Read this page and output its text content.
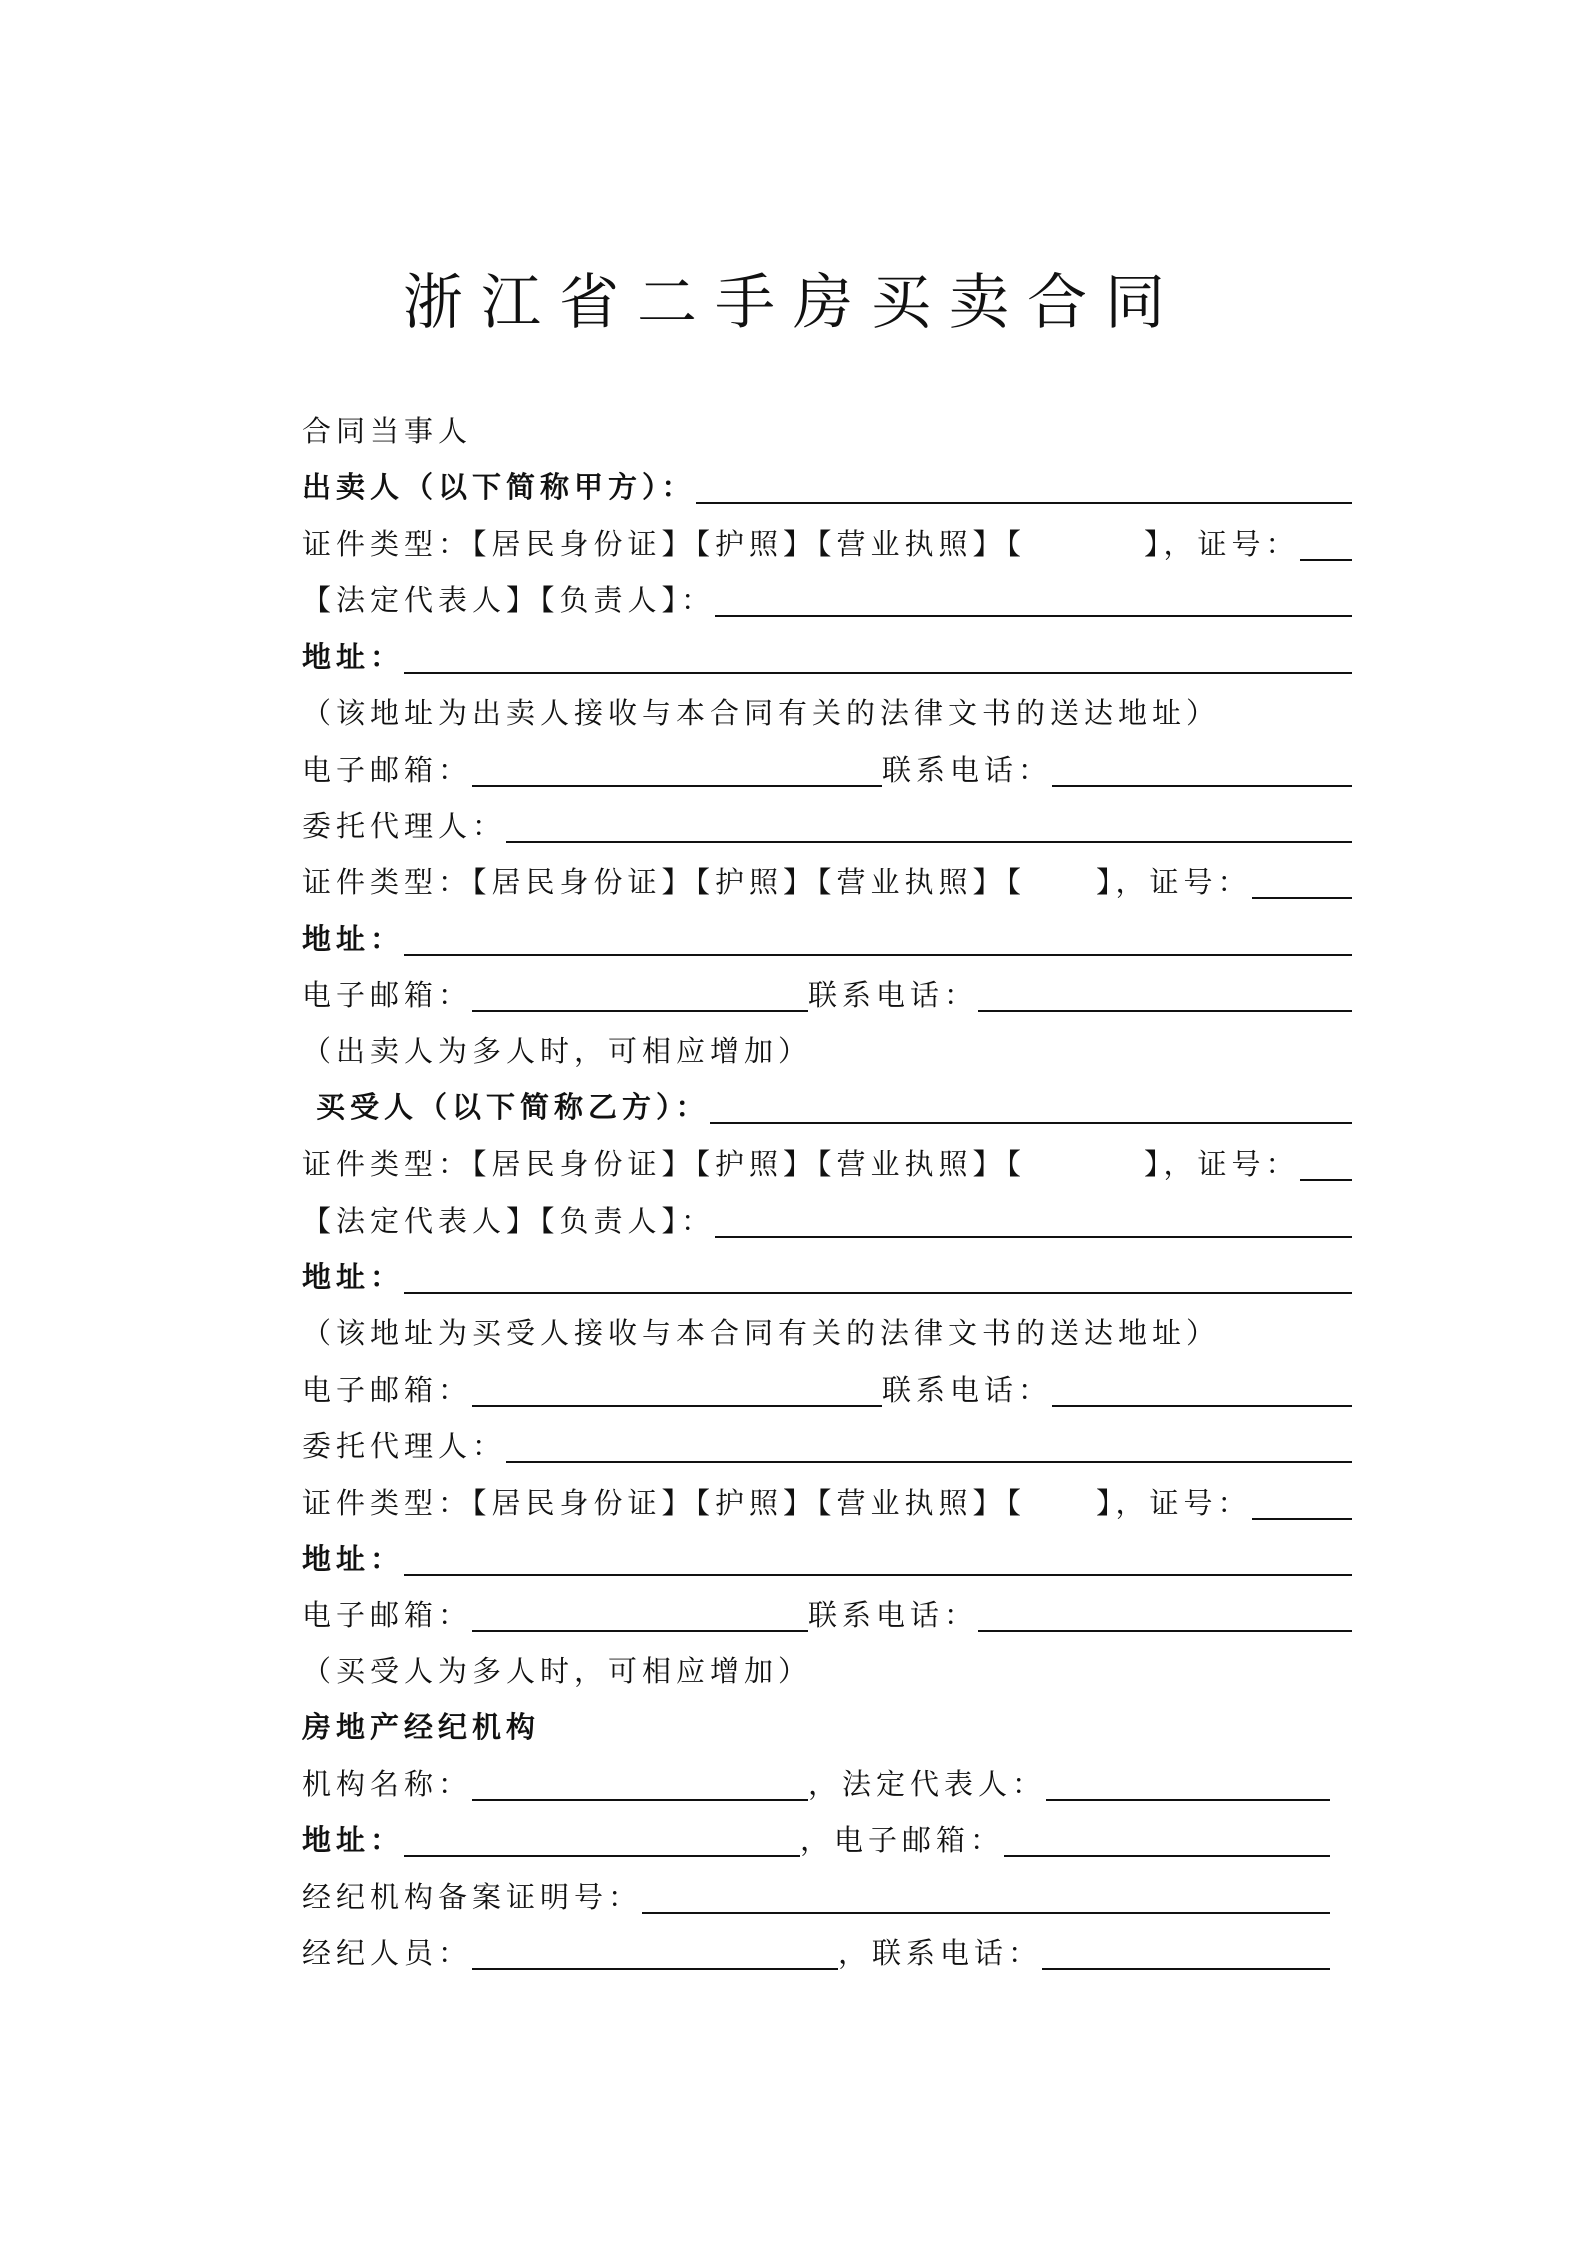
浙江省二手房买卖合同
合同当事人
出卖人（以下简称甲方）：
证件类型：【居民身份证】【护照】【营业执照】【	】，证号：
【法定代表人】【负责人】：
地址：
（该地址为出卖人接收与本合同有关的法律文书的送达地址）
电子邮箱：	联系电话：
委托代理人：
证件类型：【居民身份证】【护照】【营业执照】【 】，证号：
地址：
电子邮箱：	联系电话：
（出卖人为多人时，可相应增加）
买受人（以下简称乙方）：
证件类型：【居民身份证】【护照】【营业执照】【	】，证号：
【法定代表人】【负责人】：
地址：
（该地址为买受人接收与本合同有关的法律文书的送达地址）
电子邮箱：	联系电话：
委托代理人：
证件类型：【居民身份证】【护照】【营业执照】【 】，证号：
地址：
电子邮箱：	联系电话：
（买受人为多人时，可相应增加）
房地产经纪机构
机构名称：	，法定代表人：
地址：	，电子邮箱：
经纪机构备案证明号：
经纪人员：	，联系电话：
